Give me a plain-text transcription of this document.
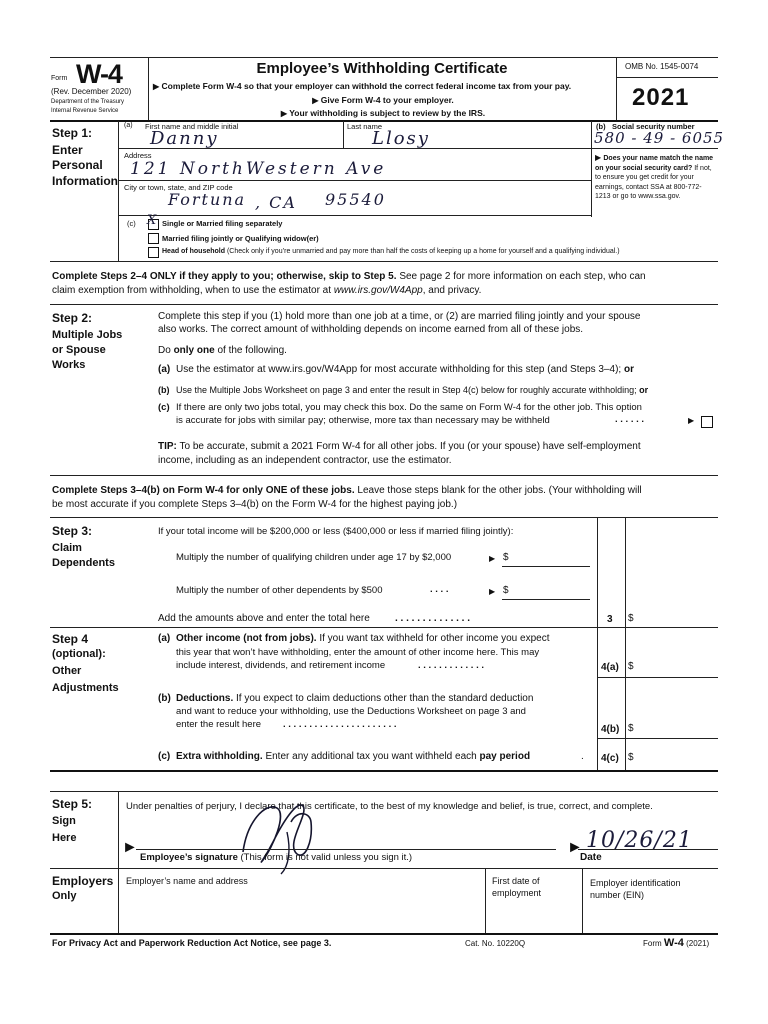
Form W-4
(Rev. December 2020)
Department of the Treasury
Internal Revenue Service
Employee’s Withholding Certificate
▶ Complete Form W-4 so that your employer can withhold the correct federal income tax from your pay.
▶ Give Form W-4 to your employer.
▶ Your withholding is subject to review by the IRS.
OMB No. 1545-0074
2021
Step 1:
Enter
Personal
Information
(a) First name and middle initial
Danny
Last name
Llosy
(b) Social security number
580 - 49 - 6055
Address
121 NorthWestern Ave
City or town, state, and ZIP code
Fortuna , CA 95540
▶ Does your name match the name on your social security card? If not, to ensure you get credit for your earnings, contact SSA at 800-772-1213 or go to www.ssa.gov.
(c) X Single or Married filing separately
Married filing jointly or Qualifying widow(er)
Head of household (Check only if you’re unmarried and pay more than half the costs of keeping up a home for yourself and a qualifying individual.)
Complete Steps 2–4 ONLY if they apply to you; otherwise, skip to Step 5. See page 2 for more information on each step, who can
claim exemption from withholding, when to use the estimator at www.irs.gov/W4App, and privacy.
Step 2:
Multiple Jobs
or Spouse
Works
Complete this step if you (1) hold more than one job at a time, or (2) are married filing jointly and your spouse
also works. The correct amount of withholding depends on income earned from all of these jobs.
Do only one of the following.
(a) Use the estimator at www.irs.gov/W4App for most accurate withholding for this step (and Steps 3–4); or
(b) Use the Multiple Jobs Worksheet on page 3 and enter the result in Step 4(c) below for roughly accurate withholding; or
(c) If there are only two jobs total, you may check this box. Do the same on Form W-4 for the other job. This option
is accurate for jobs with similar pay; otherwise, more tax than necessary may be withheld	. . . . . .	▶
TIP: To be accurate, submit a 2021 Form W-4 for all other jobs. If you (or your spouse) have self-employment
income, including as an independent contractor, use the estimator.
Complete Steps 3–4(b) on Form W-4 for only ONE of these jobs. Leave those steps blank for the other jobs. (Your withholding will
be most accurate if you complete Steps 3–4(b) on the Form W-4 for the highest paying job.)
Step 3:
Claim
Dependents
If your total income will be $200,000 or less ($400,000 or less if married filing jointly):
Multiply the number of qualifying children under age 17 by $2,000	▶ $
Multiply the number of other dependents by $500	. . . .	▶ $
Add the amounts above and enter the total here	. . . . . . . . . . . . . .	3 $
Step 4
(optional):
Other
Adjustments
(a) Other income (not from jobs). If you want tax withheld for other income you expect
this year that won’t have withholding, enter the amount of other income here. This may
include interest, dividends, and retirement income	. . . . . . . . . . . . .	4(a) $
(b) Deductions. If you expect to claim deductions other than the standard deduction
and want to reduce your withholding, use the Deductions Worksheet on page 3 and
enter the result here . . . . . . . . . . . . . . . . . . . . . .	4(b) $
(c) Extra withholding. Enter any additional tax you want withheld each pay period	. 4(c) $
Step 5:
Sign
Here
Under penalties of perjury, I declare that this certificate, to the best of my knowledge and belief, is true, correct, and complete.
►
Employee’s signature (This form is not valid unless you sign it.)
► 10/26/21
Date
Employers
Only
Employer’s name and address	First date of
employment
Employer identification
number (EIN)
For Privacy Act and Paperwork Reduction Act Notice, see page 3.	Cat. No. 10220Q	Form W-4 (2021)
